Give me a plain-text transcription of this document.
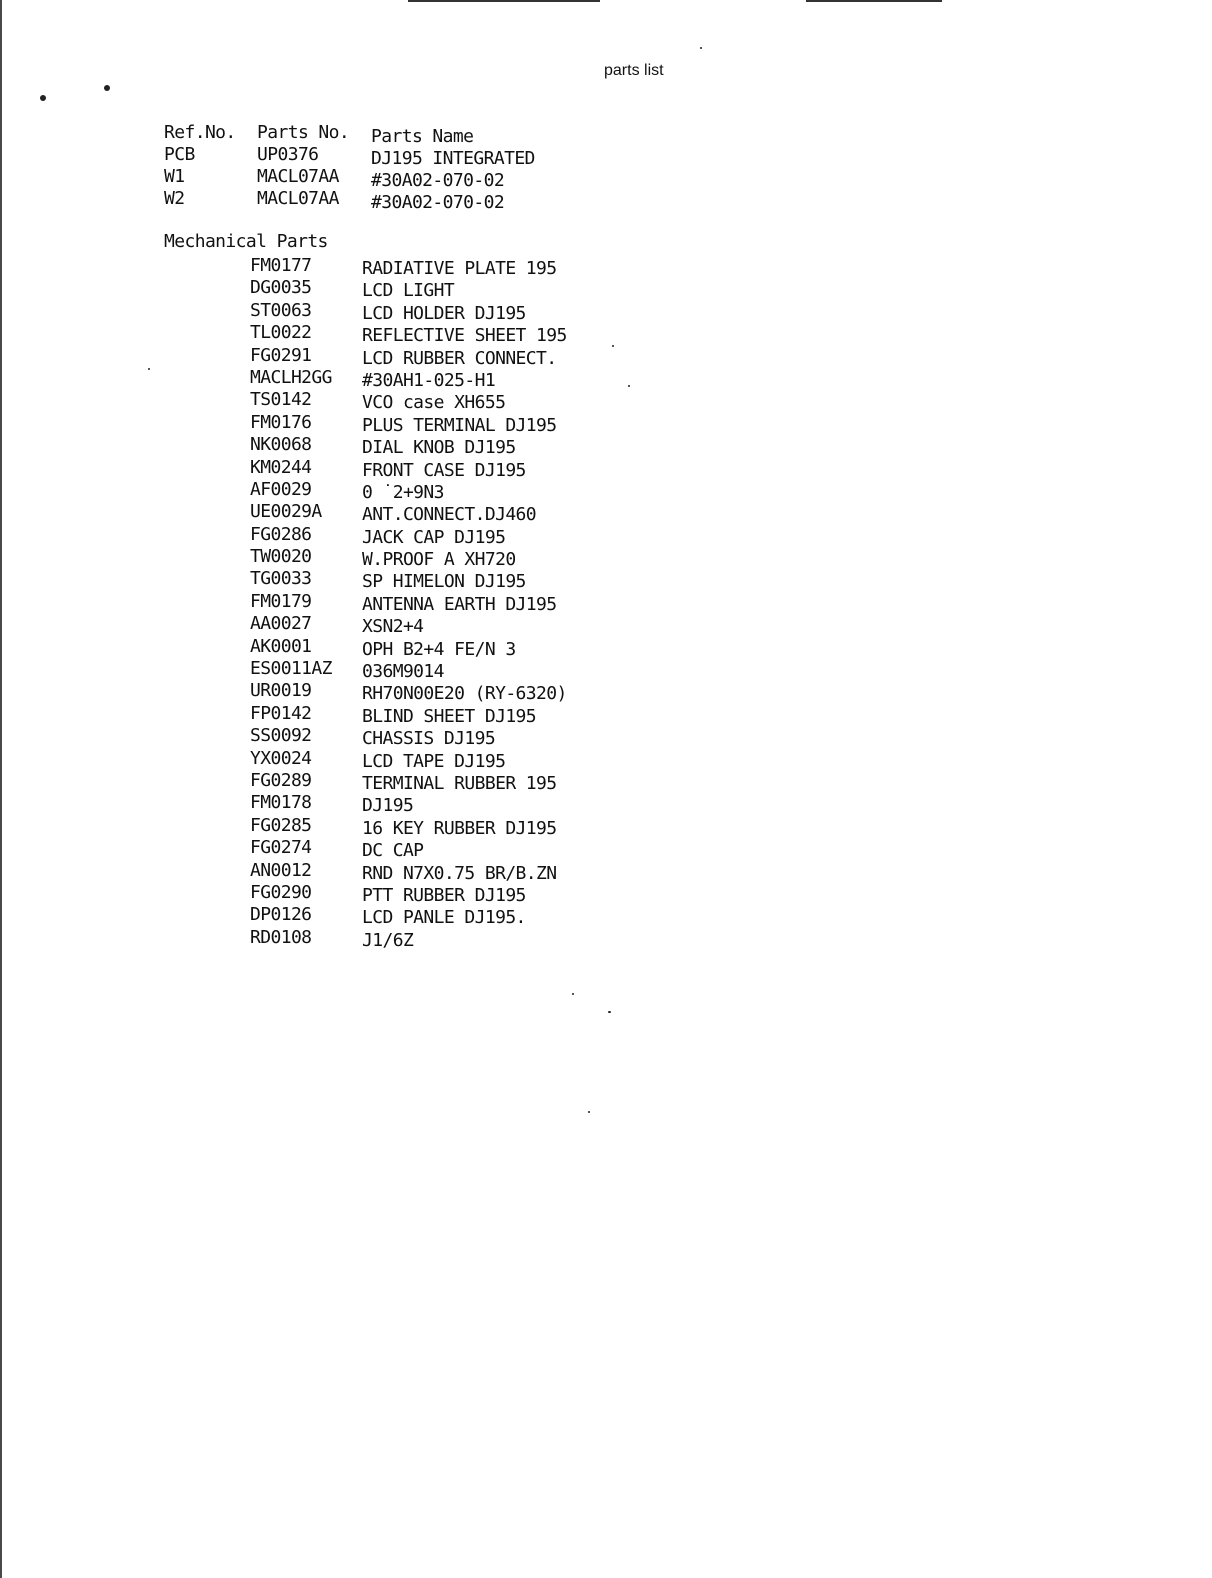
parts list
Ref.No. Parts No. Parts Name
PCB	UP0376	DJ195 INTEGRATED
W1	MACL07AA #30A02-070-02
W2	MACL07AA #30A02-070-02
Mechanical Parts
FM0177	RADIATIVE PLATE 195
DG0035	LCD LIGHT
ST0063	LCD HOLDER DJ195
TL0022	REFLECTIVE SHEET 195
FG0291	LCD RUBBER CONNECT.
MACLH2GG #30AH1-025-H1
TS0142	VCO case XH655
FM0176	PLUS TERMINAL DJ195
NK0068	DIAL KNOB DJ195
KM0244	FRONT CASE DJ195
AF0029	0 ˙2+9N3
UE0029A ANT.CONNECT.DJ460
FG0286	JACK CAP DJ195
TW0020	W.PROOF A XH720
TG0033	SP HIMELON DJ195
FM0179	ANTENNA EARTH DJ195
AA0027	XSN2+4
AK0001	OPH B2+4 FE/N 3
ES0011AZ 036M9014
UR0019	RH70N00E20 (RY-6320)
FP0142	BLIND SHEET DJ195
SS0092	CHASSIS DJ195
YX0024	LCD TAPE DJ195
FG0289	TERMINAL RUBBER 195
FM0178	DJ195
FG0285	16 KEY RUBBER DJ195
FG0274	DC CAP
AN0012	RND N7X0.75 BR/B.ZN
FG0290	PTT RUBBER DJ195
DP0126	LCD PANLE DJ195.
RD0108	J1/6Z
